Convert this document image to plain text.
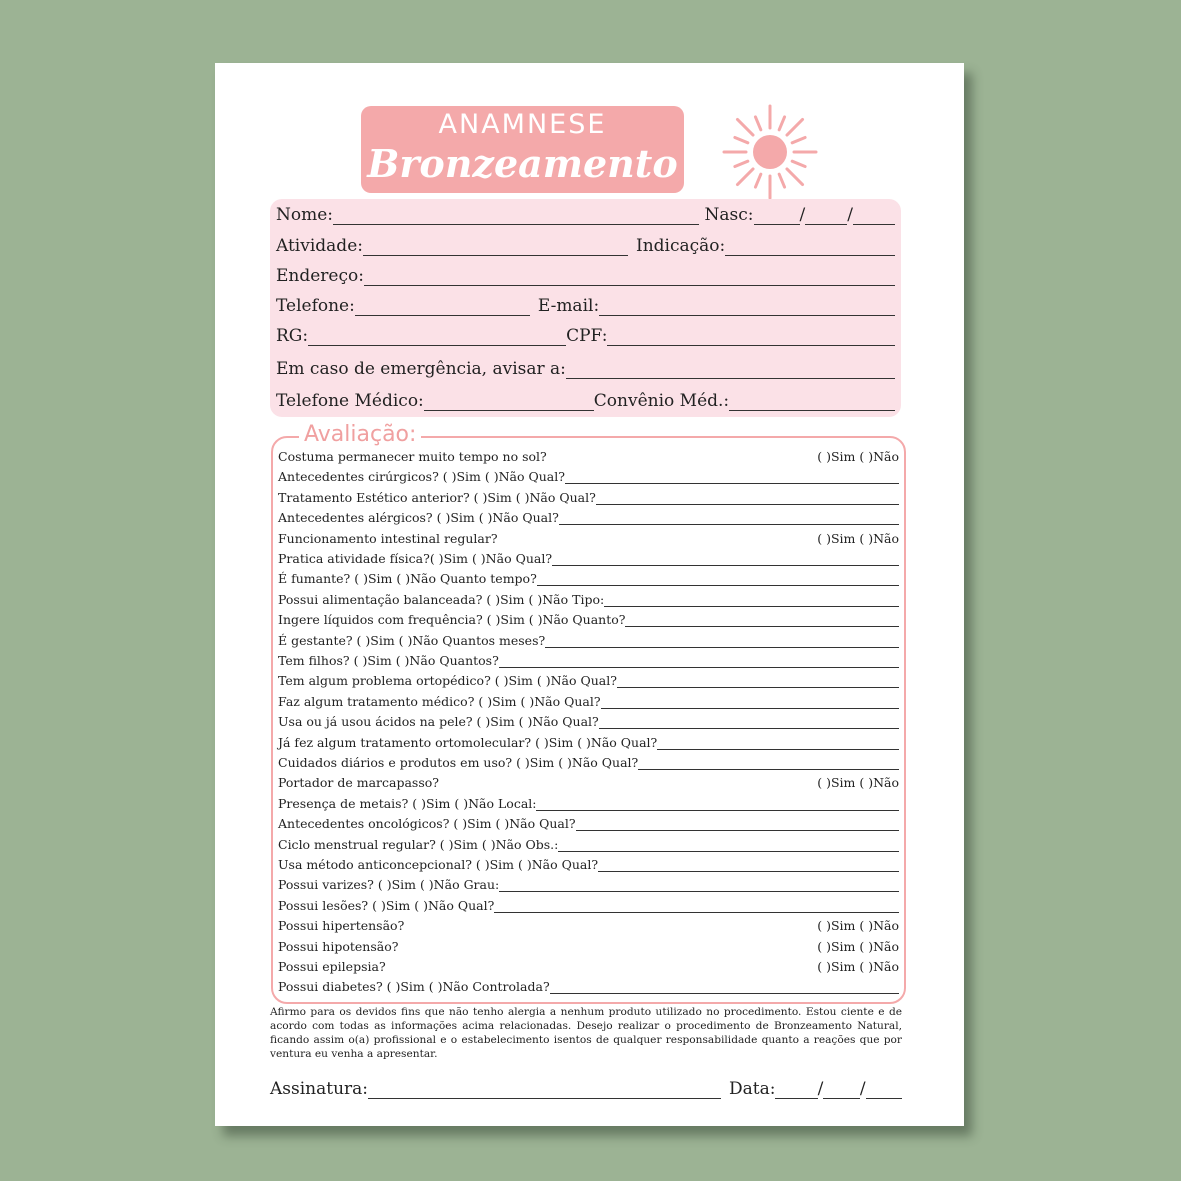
ANAMNESE
Bronzeamento
Nome:	Nasc:	/ /
Atividade:	Indicação:
Endereço:
Telefone:	E-mail:
RG:	CPF:
Em caso de emergência, avisar a:
Telefone Médico:	Convênio Méd.:
Avaliação:
Costuma permanecer muito tempo no sol?	( )Sim ( )Não
Antecedentes cirúrgicos? ( )Sim ( )Não Qual?
Tratamento Estético anterior? ( )Sim ( )Não Qual?
Antecedentes alérgicos? ( )Sim ( )Não Qual?
Funcionamento intestinal regular?	( )Sim ( )Não
Pratica atividade física?( )Sim ( )Não Qual?
É fumante? ( )Sim ( )Não Quanto tempo?
Possui alimentação balanceada? ( )Sim ( )Não Tipo:
Ingere líquidos com frequência? ( )Sim ( )Não Quanto?
É gestante? ( )Sim ( )Não Quantos meses?
Tem filhos? ( )Sim ( )Não Quantos?
Tem algum problema ortopédico? ( )Sim ( )Não Qual?
Faz algum tratamento médico? ( )Sim ( )Não Qual?
Usa ou já usou ácidos na pele? ( )Sim ( )Não Qual?
Já fez algum tratamento ortomolecular? ( )Sim ( )Não Qual?
Cuidados diários e produtos em uso? ( )Sim ( )Não Qual?
Portador de marcapasso?	( )Sim ( )Não
Presença de metais? ( )Sim ( )Não Local:
Antecedentes oncológicos? ( )Sim ( )Não Qual?
Ciclo menstrual regular? ( )Sim ( )Não Obs.:
Usa método anticoncepcional? ( )Sim ( )Não Qual?
Possui varizes? ( )Sim ( )Não Grau:
Possui lesões? ( )Sim ( )Não Qual?
Possui hipertensão?	( )Sim ( )Não
Possui hipotensão?	( )Sim ( )Não
Possui epilepsia?	( )Sim ( )Não
Possui diabetes? ( )Sim ( )Não Controlada?
Afirmo para os devidos fins que não tenho alergia a nenhum produto utilizado no procedimento. Estou ciente e de acordo com todas as informações acima relacionadas. Desejo realizar o procedimento de Bronzeamento Natural, ficando assim o(a) profissional e o estabelecimento isentos de qualquer responsabilidade quanto a reações que por ventura eu venha a apresentar.
Assinatura:	Data: / /
